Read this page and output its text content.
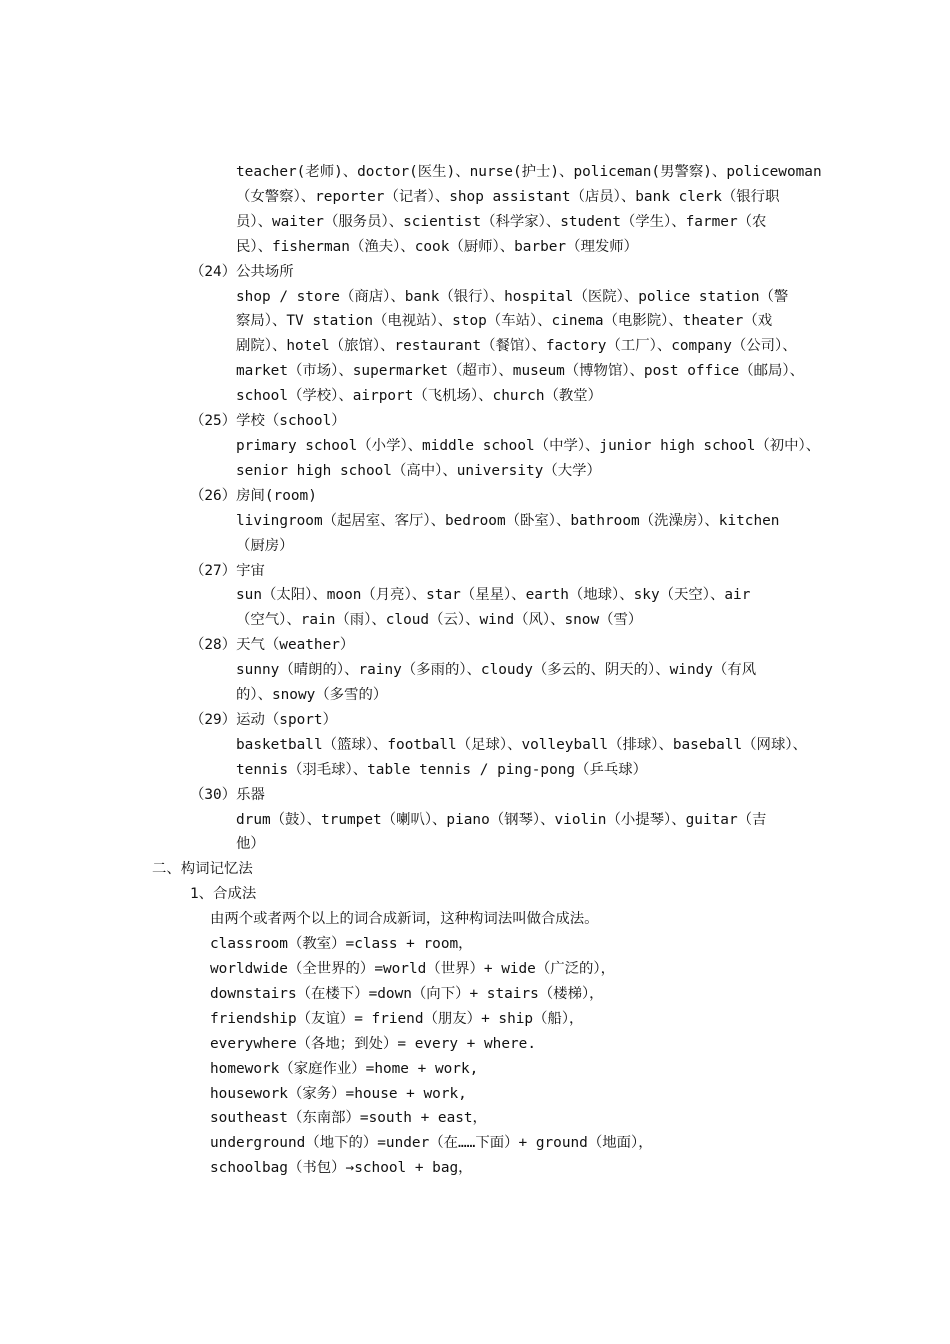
teacher(老师)、doctor(医生)、nurse(护士)、policeman(男警察)、policewoman
（女警察）、reporter（记者）、shop assistant（店员）、bank clerk（银行职
员）、waiter（服务员）、scientist（科学家）、student（学生）、farmer（农
民）、fisherman（渔夫）、cook（厨师）、barber（理发师）
（24）公共场所
shop / store（商店）、bank（银行）、hospital（医院）、police station（警
察局）、TV station（电视站）、stop（车站）、cinema（电影院）、theater（戏
剧院）、hotel（旅馆）、restaurant（餐馆）、factory（工厂）、company（公司）、
market（市场）、supermarket（超市）、museum（博物馆）、post office（邮局）、
school（学校）、airport（飞机场）、church（教堂）
（25）学校（school）
primary school（小学）、middle school（中学）、junior high school（初中）、
senior high school（高中）、university（大学）
（26）房间(room)
livingroom（起居室、客厅）、bedroom（卧室）、bathroom（洗澡房）、kitchen
（厨房）
（27）宇宙
sun（太阳）、moon（月亮）、star（星星）、earth（地球）、sky（天空）、air
（空气）、rain（雨）、cloud（云）、wind（风）、snow（雪）
（28）天气（weather）
sunny（晴朗的）、rainy（多雨的）、cloudy（多云的、阴天的）、windy（有风
的）、snowy（多雪的）
（29）运动（sport）
basketball（篮球）、football（足球）、volleyball（排球）、baseball（网球）、
tennis（羽毛球）、table tennis / ping-pong（乒乓球）
（30）乐器
drum（鼓）、trumpet（喇叭）、piano（钢琴）、violin（小提琴）、guitar（吉
他）
二、构词记忆法
1、合成法
由两个或者两个以上的词合成新词，这种构词法叫做合成法。
classroom（教室）=class + room，
worldwide（全世界的）=world（世界）+ wide（广泛的），
downstairs（在楼下）=down（向下）+ stairs（楼梯），
friendship（友谊）= friend（朋友）+ ship（船），
everywhere（各地；到处）= every + where.
homework（家庭作业）=home + work,
housework（家务）=house + work,
southeast（东南部）=south + east，
underground（地下的）=under（在……下面）+ ground（地面），
schoolbag（书包）→school + bag，
